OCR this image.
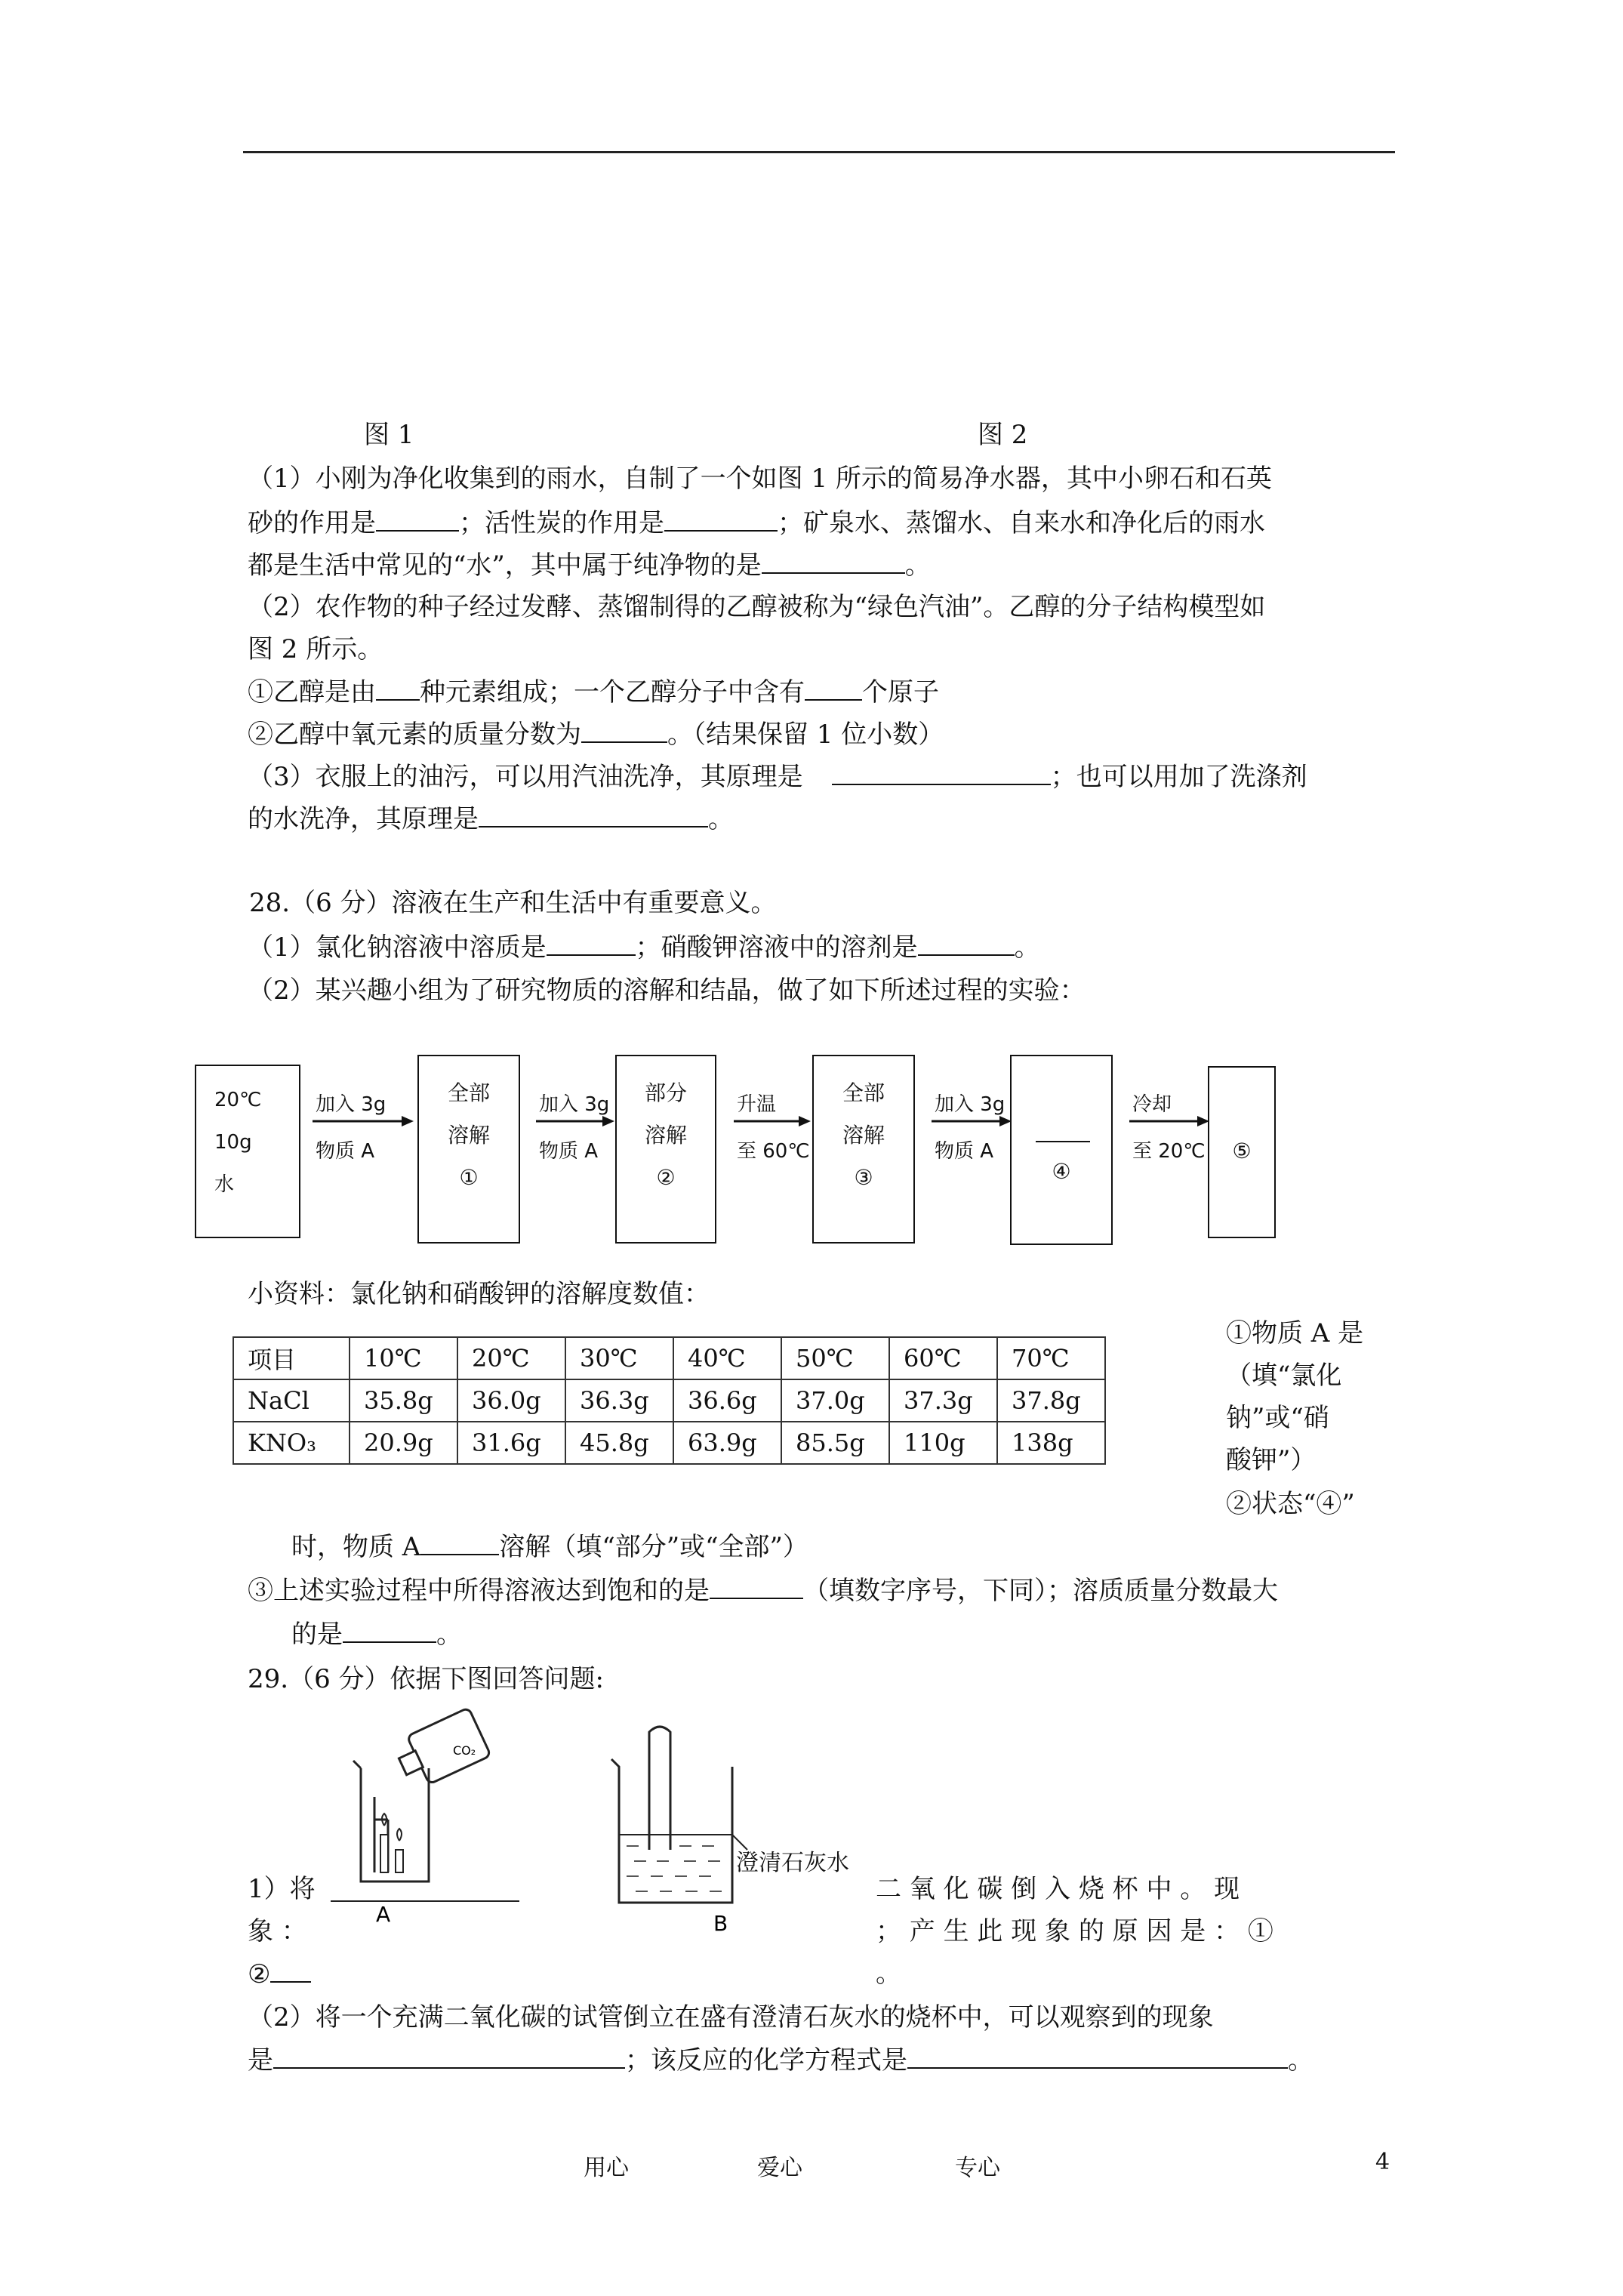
图 1	图 2
（1）小刚为净化收集到的雨水，自制了一个如图 1 所示的简易净水器，其中小卵石和石英
砂的作用是	；活性炭的作用是	；矿泉水、蒸馏水、自来水和净化后的雨水
都是生活中常见的“水”，其中属于纯净物的是	。
（2）农作物的种子经过发酵、蒸馏制得的乙醇被称为“绿色汽油”。乙醇的分子结构模型如
图 2 所示。
①乙醇是由 种元素组成；一个乙醇分子中含有 个原子
②乙醇中氧元素的质量分数为	。（结果保留 1 位小数）
（3）衣服上的油污，可以用汽油洗净，其原理是	；也可以用加了洗涤剂
的水洗净，其原理是	。
28.（6 分）溶液在生产和生活中有重要意义。
（1）氯化钠溶液中溶质是	；硝酸钾溶液中的溶剂是	。
（2）某兴趣小组为了研究物质的溶解和结晶，做了如下所述过程的实验：
20℃
10g
水
加入 3g
物质 A
全部
溶解
①
加入 3g
物质 A
部分
溶解
②
升温
至 60℃
全部
溶解
③
加入 3g
物质 A
④
冷却
至 20℃	⑤
小资料：氯化钠和硝酸钾的溶解度数值：
项目	10℃	20℃	30℃	40℃	50℃	60℃	70℃
NaCl	35.8g	36.0g	36.3g	36.6g	37.0g	37.3g	37.8g
KNO₃	20.9g	31.6g	45.8g	63.9g	85.5g	110g	138g
①物质 A 是
（填“氯化
钠”或“硝
酸钾”）
②状态“④”
时，物质 A	溶解（填“部分”或“全部”）
③上述实验过程中所得溶液达到饱和的是	（填数字序号，下同）；溶质质量分数最大
的是	。
29.（6 分）依据下图回答问题:
CO₂
A	B
澄清石灰水
1）将
象 ：
②
二 氧 化 碳 倒 入 烧 杯 中 。 现
； 产 生 此 现 象 的 原 因 是 ： ①
。
（2）将一个充满二氧化碳的试管倒立在盛有澄清石灰水的烧杯中，可以观察到的现象
是	；该反应的化学方程式是	。
用心	爱心	专心	4
